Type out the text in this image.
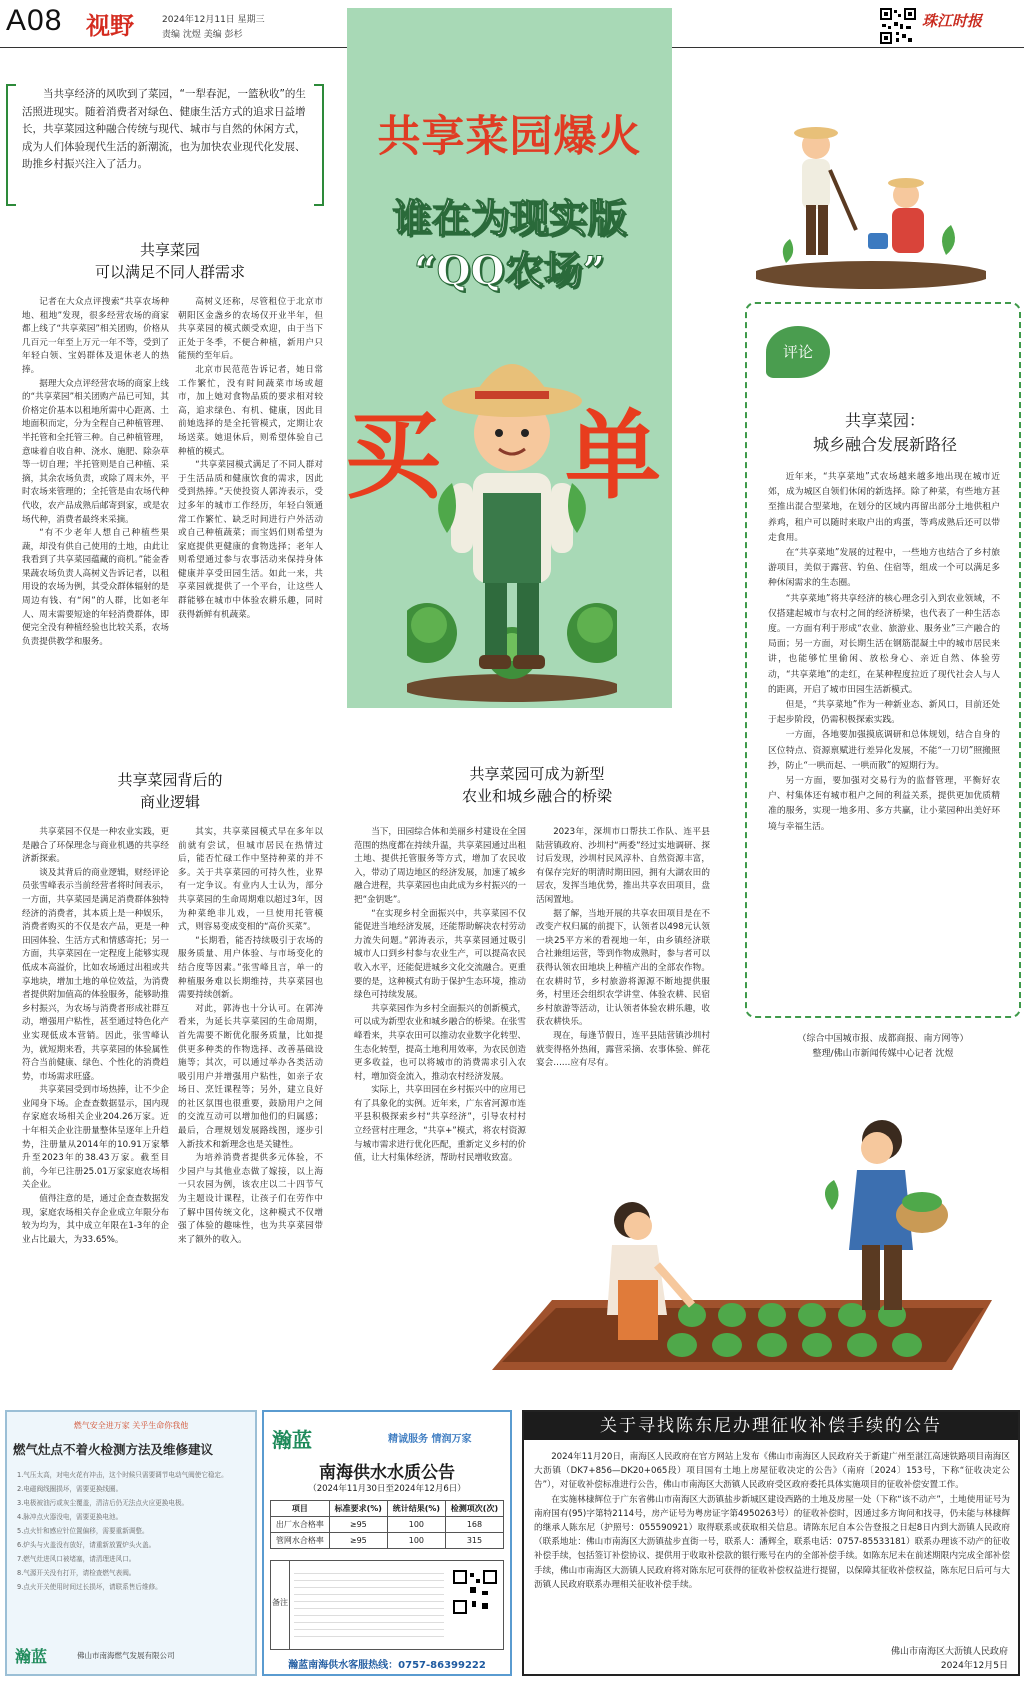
A08 视野	2024年12月11日 星期三
责编 沈煜 美编 彭杉
珠江时报
当共享经济的风吹到了菜园，“一犁春泥，一篮秋收”的生活照进现实。随着消费者对绿色、健康生活方式的追求日益增长，共享菜园这种融合传统与现代、城市与自然的休闲方式，成为人们体验现代生活的新潮流，也为加快农业现代化发展、助推乡村振兴注入了活力。
共享菜园
可以满足不同人群需求

记者在大众点评搜索“共享农场种地、租地”发现，很多经营农场的商家都上线了“共享菜园”相关团购，价格从几百元一年至上万元一年不等，受到了年轻白领、宝妈群体及退休老人的热捧。

据理大众点评经营农场的商家上线的“共享菜园”相关团购产品已可知，其价格定价基本以租地所需中心距离、土地面积而定，分为全程自己种植管理、半托管和全托管三种。自己种植管理，意味着自收自种、浇水、施肥、除杂草等一切自理；半托管则是自己种植、采摘，其余农场负责，或除了周末外，平时农场来管理的；全托管是由农场代种代收，农产品成熟后邮寄到家，或是农场代种，消费者最终来采摘。

“有不少老年人想自己种植些果蔬，却没有供自己使用的土地，由此让我看到了共享菜园蕴藏的商机。”能金香果蔬农场负责人高树义告诉记者，以租用设的农场为例，其受众群体辐射的是周边有钱、有“闲”的人群，比如老年人、周末需要短途的年轻消费群体，即便完全没有种植经验也比较关系，农场负责提供教学和服务。

高树义还称，尽管租位于北京市朝阳区金盏乡的农场仅开业半年，但共享菜园的模式颇受欢迎，由于当下正处于冬季，不便合种植，新用户只能预约至年后。

北京市民范范告诉记者，她日常工作繁忙，没有时间蔬菜市场或超市，加上她对食物品质的要求相对较高，追求绿色、有机、健康，因此目前她选择的是全托管模式，定期让农场送菜。她退休后，则希望体验自己种植的模式。

“共享菜园模式满足了不同人群对于生活品质和健康饮食的需求，因此受到热捧。”天使投资人郭涛表示，受过多年的城市工作经历，年轻白领通常工作繁忙、缺乏时间进行户外活动或自己种植蔬菜；而宝妈们则希望为家庭提供更健康的食物选择；老年人则希望通过参与农事活动来保持身体健康并享受田园生活。如此一来，共享菜园就提供了一个平台，让这些人群能够在城市中体验农耕乐趣，同时获得新鲜有机蔬菜。

共享菜园爆火
谁在为现实版
“QQ农场”
买 单
评论
共享菜园：
城乡融合发展新路径

近年来，“共享菜地”式农场越来越多地出现在城市近郊，成为城区自领们休闲的新选择。除了种菜，有些地方甚至推出混合型菜地，在划分的区域内再留出部分土地供租户养鸡，租户可以随时来取户出的鸡蛋，等鸡成熟后还可以带走食用。

在“共享菜地”发展的过程中，一些地方也结合了乡村旅游项目，美似于露营、钓鱼、住宿等，组成一个可以满足多种休闲需求的生态圈。

“共享菜地”将共享经济的核心理念引入到农业领域，不仅搭建起城市与农村之间的经济桥梁，也代表了一种生活态度。一方面有利于形成“农业、旅游业、服务业”三产融合的局面；另一方面，对长期生活在钢筋混凝土中的城市居民来讲，也能够忙里偷闲、放松身心、亲近自然、体验劳动，“共享菜地”的走红，在某种程度拉近了现代社会人与人的距离，开启了城市田园生活新模式。

但是，“共享菜地”作为一种新业态、新风口，目前还处于起步阶段，仍需积极探索实践。

一方面，各地要加强摸底调研和总体规划，结合自身的区位特点、资源禀赋进行差异化发展，不能“一刀切”照搬照抄，防止“一哄而起、一哄而散”的短期行为。

另一方面，要加强对交易行为的监督管理，平衡好农户、村集体还有城市租户之间的利益关系，提供更加优质精准的服务，实现一地多用、多方共赢，让小菜园种出美好环境与幸福生活。

（综合中国城市报、成都商报、南方网等）
整理/佛山市新闻传媒中心记者 沈煜
共享菜园背后的
商业逻辑

共享菜园不仅是一种农业实践，更是融合了环保理念与商业机遇的共享经济新探索。

谈及其背后的商业逻辑，财经评论员张雪峰表示当前经营者将时间表示，一方面，共享菜园是满足消费群体独特经济的消费者，其本质上是一种娱乐，消费者购买的不仅是农产品，更是一种田园体验、生活方式和情感寄托；另一方面，共享菜园在一定程度上能够实现低成本高溢价，比如农场通过出租或共享地块，增加土地的单位效益，为消费者提供附加值高的体验服务，能够助推乡村振兴，为农场与消费者形成社群互动，增强用户粘性，甚至通过特色化产业实现低成本营销。因此，张雪峰认为，就短期来看，共享菜园的体验属性符合当前健康、绿色、个性化的消费趋势，市场需求旺盛。

共享菜园受到市场热捧，让不少企业闻身下场。企查查数据显示，国内现存家庭农场相关企业204.26万家。近十年相关企业注册量整体呈逐年上升趋势，注册量从2014年的10.91万家攀升至2023年的38.43万家。截至目前，今年已注册25.01万家家庭农场相关企业。

值得注意的是，通过企查查数据发现，家庭农场相关存企业成立年限分布较为均为，其中成立年限在1-3年的企业占比最大，为33.65%。

其实，共享菜园模式早在多年以前就有尝试，但城市居民在热情过后，能否忙碌工作中坚持种菜的并不多。关于共享菜园的可持久性，业界有一定争议。有业内人士认为，部分共享菜园的生命周期难以超过3年，因为种菜绝非儿戏，一旦使用托管模式，则容易变成变相的“高价买菜”。

“长期看，能否持续吸引于农场的服务质量、用户体验、与市场变化的结合度等因素。”张雪峰且言，单一的种植服务难以长期维持，共享菜园也需要持续创新。

对此，郭涛也十分认可。在郭涛看来，为延长共享菜园的生命周期，首先需要不断优化服务质量，比如提供更多种类的作物选择、改善基础设施等；其次，可以通过举办各类活动吸引用户并增强用户粘性，如亲子农场日、烹饪课程等；另外，建立良好的社区氛围也很重要，鼓励用户之间的交流互动可以增加他们的归属感；最后，合理规划发展路线图，逐步引入新技术和新理念也是关键性。

为培养消费者提供多元体验，不少园户与其他业态做了嫁接，以上海一只农园为例，该农庄以二十四节气为主题设计课程，让孩子们在劳作中了解中国传统文化，这种模式不仅增强了体验的趣味性，也为共享菜园带来了额外的收入。

共享菜园可成为新型
农业和城乡融合的桥梁

当下，田园综合体和美丽乡村建设在全国范围的热度都在持续升温，共享菜园通过出租土地、提供托管服务等方式，增加了农民收入，带动了周边地区的经济发展，加速了城乡融合进程，共享菜园也由此成为乡村振兴的一把“金钥匙”。

“在实现乡村全面振兴中，共享菜园不仅能促进当地经济发展，还能帮助解决农村劳动力流失问题。”郭涛表示，共享菜园通过吸引城市人口到乡村参与农业生产，可以提高农民收入水平，还能促进城乡文化交流融合。更重要的是，这种模式有助于保护生态环境，推动绿色可持续发展。

共享菜园作为乡村全面振兴的创新模式，可以成为新型农业和城乡融合的桥梁。在张雪峰看来，共享农田可以推动农业数字化转型、生态化转型，提高土地利用效率，为农民创造更多收益，也可以将城市的消费需求引入农村，增加资金流入，推动农村经济发展。

实际上，共享田园在乡村振兴中的应用已有了具象化的实例。近年来，广东省河源市连平县积极探索乡村“共享经济”，引导农村村立经营村庄理念，“共享+”模式，将农村资源与城市需求进行优化匹配，重新定义乡村的价值，让大村集体经济，帮助村民增收致富。

2023年，深圳市口帮扶工作队、连平县陆营镇政府、沙圳村“两委”经过实地调研、探讨后发现，沙圳村民风淳朴、自然资源丰富，有保存完好的明清时期田园，拥有大湖农田的居农，发挥当地优势，推出共享农田项目，盘活闲置地。

据了解，当地开展的共享农田项目是在不改变产权归属的前提下，认领者以498元认领一块25平方米的看视地一年，由乡镇经济联合社兼组运营，等到作物成熟时，参与者可以获得认领农田地块上种植产出的全部农作物。在农耕时节，乡村旅游将源源不断地提供服务，村里还会组织农学讲堂、体验农耕、民宿乡村旅游等活动，让认领者体验农耕乐趣，收获农耕快乐。

现在，每逢节假日，连平县陆营镇沙圳村就变得格外热闹，露营采摘、农事体验、鲜花宴会……应有尽有。

燃气安全进万家 关乎生命你我他
燃气灶点不着火检测方法及维修建议
1.气压太高，对电火花有冲击，这个时候只需要调节电动气阀使它稳定。
2.电磁阀线圈损坏，需要更换线圈。
3.电极被油污或灰尘覆盖，清洁后仍无法点火应更换电极。
4.脉冲点火器没电，需要更换电池。
5.点火针和感应针位置偏移，需要重新调整。
6.炉头与火盖没有放好，请重新放置炉头火盖。
7.燃气灶进风口被堵塞，请清理进风口。
8.气源开关没有打开，请检查燃气表阀。
9.点火开关使用时间过长损坏，请联系售后维修。
瀚蓝	佛山市南海燃气发展有限公司
瀚蓝	精诚服务 情润万家
南海供水水质公告
（2024年11月30日至2024年12月6日）
项目	标准要求(%)	统计结果(%)	检测项次(次)
出厂水合格率	≥95	100	168
管网水合格率	≥95	100	315
备注
瀚蓝南海供水客服热线：0757-86399222
关于寻找陈东尼办理征收补偿手续的公告

2024年11月20日，南海区人民政府在官方网站上发布《佛山市南海区人民政府关于新建广州至湛江高速铁路项目南海区大沥镇（DK7+856—DK20+065段）项目国有土地上房屋征收决定的公告》（南府〔2024〕153号，下称“征收决定公告”），对征收补偿标准进行公告，佛山市南海区大沥镇人民政府受区政府委托具体实施项目的征收补偿安置工作。

在实施林棣辉位于广东省佛山市南海区大沥镇盐步新城区建设西路的土地及房屋一处（下称“该不动产”，土地使用证号为南府国有(95)字第特2114号，房产证号为粤房证字第4950263号）的征收补偿时，因通过多方询问和找寻，仍未能与林棣辉的继承人陈东尼（护照号：055590921）取得联系或获取相关信息。请陈东尼自本公告登报之日起8日内到大沥镇人民政府（联系地址：佛山市南海区大沥镇盐步直街一号，联系人：潘辉全，联系电话：0757-85533181）联系办理该不动产的征收补偿手续，包括签订补偿协议、提供用于收取补偿款的银行账号在内的全部补偿手续。如陈东尼未在前述期限内完成全部补偿手续，佛山市南海区大沥镇人民政府将对陈东尼可获得的征收补偿权益进行提留，以保障其征收补偿权益，陈东尼日后可与大沥镇人民政府联系办理相关征收补偿手续。

佛山市南海区大沥镇人民政府
2024年12月5日
